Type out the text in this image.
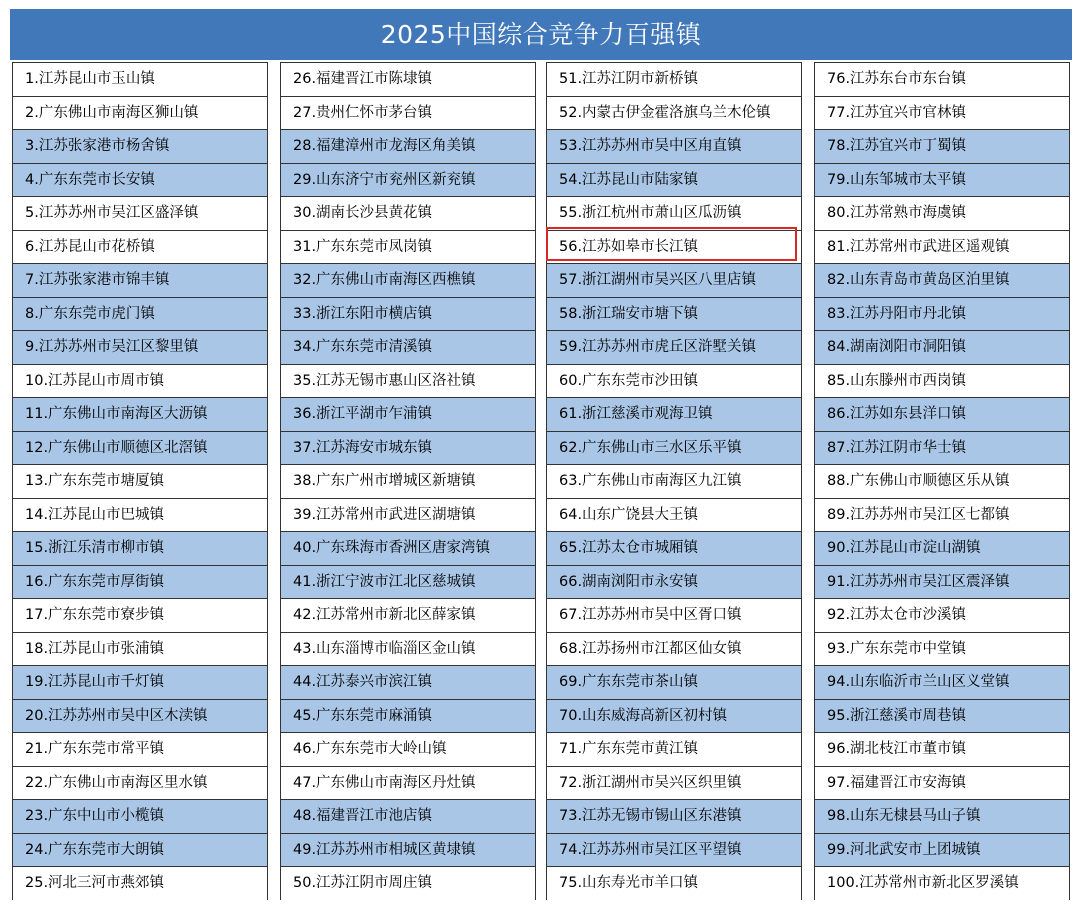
2025中国综合竞争力百强镇
1.江苏昆山市玉山镇
2.广东佛山市南海区狮山镇
3.江苏张家港市杨舍镇
4.广东东莞市长安镇
5.江苏苏州市吴江区盛泽镇
6.江苏昆山市花桥镇
7.江苏张家港市锦丰镇
8.广东东莞市虎门镇
9.江苏苏州市吴江区黎里镇
10.江苏昆山市周市镇
11.广东佛山市南海区大沥镇
12.广东佛山市顺德区北滘镇
13.广东东莞市塘厦镇
14.江苏昆山市巴城镇
15.浙江乐清市柳市镇
16.广东东莞市厚街镇
17.广东东莞市寮步镇
18.江苏昆山市张浦镇
19.江苏昆山市千灯镇
20.江苏苏州市吴中区木渎镇
21.广东东莞市常平镇
22.广东佛山市南海区里水镇
23.广东中山市小榄镇
24.广东东莞市大朗镇
25.河北三河市燕郊镇
26.福建晋江市陈埭镇
27.贵州仁怀市茅台镇
28.福建漳州市龙海区角美镇
29.山东济宁市兖州区新兖镇
30.湖南长沙县黄花镇
31.广东东莞市凤岗镇
32.广东佛山市南海区西樵镇
33.浙江东阳市横店镇
34.广东东莞市清溪镇
35.江苏无锡市惠山区洛社镇
36.浙江平湖市乍浦镇
37.江苏海安市城东镇
38.广东广州市增城区新塘镇
39.江苏常州市武进区湖塘镇
40.广东珠海市香洲区唐家湾镇
41.浙江宁波市江北区慈城镇
42.江苏常州市新北区薛家镇
43.山东淄博市临淄区金山镇
44.江苏泰兴市滨江镇
45.广东东莞市麻涌镇
46.广东东莞市大岭山镇
47.广东佛山市南海区丹灶镇
48.福建晋江市池店镇
49.江苏苏州市相城区黄埭镇
50.江苏江阴市周庄镇
51.江苏江阴市新桥镇
52.内蒙古伊金霍洛旗乌兰木伦镇
53.江苏苏州市吴中区甪直镇
54.江苏昆山市陆家镇
55.浙江杭州市萧山区瓜沥镇
56.江苏如皋市长江镇
57.浙江湖州市吴兴区八里店镇
58.浙江瑞安市塘下镇
59.江苏苏州市虎丘区浒墅关镇
60.广东东莞市沙田镇
61.浙江慈溪市观海卫镇
62.广东佛山市三水区乐平镇
63.广东佛山市南海区九江镇
64.山东广饶县大王镇
65.江苏太仓市城厢镇
66.湖南浏阳市永安镇
67.江苏苏州市吴中区胥口镇
68.江苏扬州市江都区仙女镇
69.广东东莞市茶山镇
70.山东威海高新区初村镇
71.广东东莞市黄江镇
72.浙江湖州市吴兴区织里镇
73.江苏无锡市锡山区东港镇
74.江苏苏州市吴江区平望镇
75.山东寿光市羊口镇
76.江苏东台市东台镇
77.江苏宜兴市官林镇
78.江苏宜兴市丁蜀镇
79.山东邹城市太平镇
80.江苏常熟市海虞镇
81.江苏常州市武进区遥观镇
82.山东青岛市黄岛区泊里镇
83.江苏丹阳市丹北镇
84.湖南浏阳市洞阳镇
85.山东滕州市西岗镇
86.江苏如东县洋口镇
87.江苏江阴市华士镇
88.广东佛山市顺德区乐从镇
89.江苏苏州市吴江区七都镇
90.江苏昆山市淀山湖镇
91.江苏苏州市吴江区震泽镇
92.江苏太仓市沙溪镇
93.广东东莞市中堂镇
94.山东临沂市兰山区义堂镇
95.浙江慈溪市周巷镇
96.湖北枝江市董市镇
97.福建晋江市安海镇
98.山东无棣县马山子镇
99.河北武安市上团城镇
100.江苏常州市新北区罗溪镇
